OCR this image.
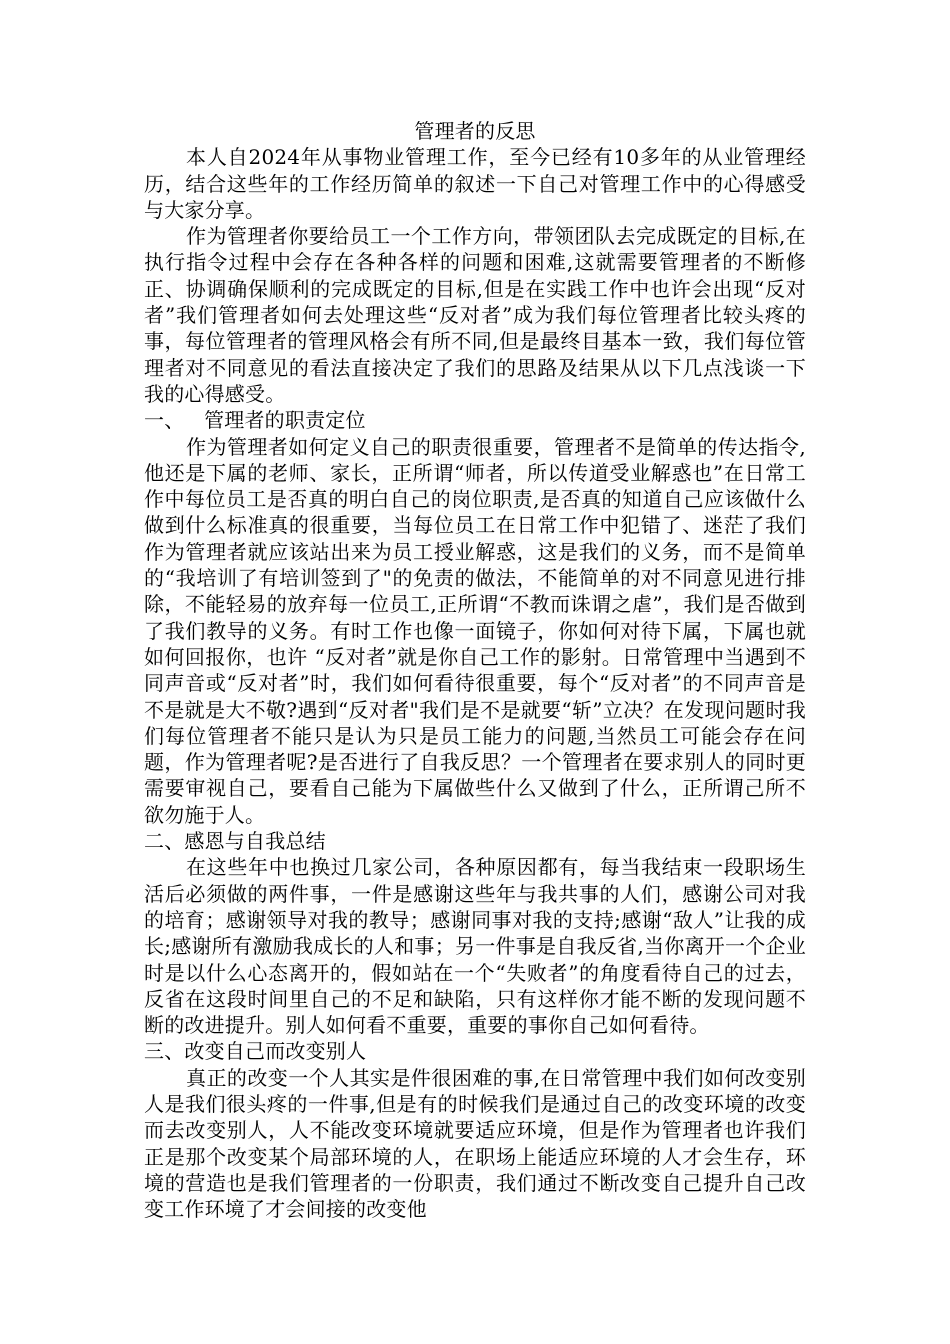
管理者的反思

本人自2024年从事物业管理工作，至今已经有10多年的从业管理经历，结合这些年的工作经历简单的叙述一下自己对管理工作中的心得感受与大家分享。

作为管理者你要给员工一个工作方向，带领团队去完成既定的目标,在执行指令过程中会存在各种各样的问题和困难,这就需要管理者的不断修正、协调确保顺利的完成既定的目标,但是在实践工作中也许会出现“反对者”我们管理者如何去处理这些“反对者”成为我们每位管理者比较头疼的事，每位管理者的管理风格会有所不同,但是最终目基本一致，我们每位管理者对不同意见的看法直接决定了我们的思路及结果从以下几点浅谈一下我的心得感受。

一、   管理者的职责定位

作为管理者如何定义自己的职责很重要，管理者不是简单的传达指令,他还是下属的老师、家长，正所谓“师者，所以传道受业解惑也”在日常工作中每位员工是否真的明白自己的岗位职责,是否真的知道自己应该做什么做到什么标准真的很重要，当每位员工在日常工作中犯错了、迷茫了我们作为管理者就应该站出来为员工授业解惑，这是我们的义务，而不是简单的“我培训了有培训签到了"的免责的做法，不能简单的对不同意见进行排除，不能轻易的放弃每一位员工,正所谓“不教而诛谓之虐”，我们是否做到了我们教导的义务。有时工作也像一面镜子，你如何对待下属，下属也就如何回报你，也许 “反对者”就是你自己工作的影射。日常管理中当遇到不同声音或“反对者”时，我们如何看待很重要，每个“反对者”的不同声音是不是就是大不敬?遇到“反对者"我们是不是就要“斩”立决？在发现问题时我们每位管理者不能只是认为只是员工能力的问题,当然员工可能会存在问题，作为管理者呢?是否进行了自我反思？一个管理者在要求别人的同时更需要审视自己，要看自己能为下属做些什么又做到了什么，正所谓己所不欲勿施于人。

二、感恩与自我总结

在这些年中也换过几家公司，各种原因都有，每当我结束一段职场生活后必须做的两件事，一件是感谢这些年与我共事的人们，感谢公司对我的培育；感谢领导对我的教导；感谢同事对我的支持;感谢“敌人”让我的成长;感谢所有激励我成长的人和事；另一件事是自我反省,当你离开一个企业时是以什么心态离开的，假如站在一个“失败者”的角度看待自己的过去，反省在这段时间里自己的不足和缺陷，只有这样你才能不断的发现问题不断的改进提升。别人如何看不重要，重要的事你自己如何看待。

三、改变自己而改变别人

真正的改变一个人其实是件很困难的事,在日常管理中我们如何改变别人是我们很头疼的一件事,但是有的时候我们是通过自己的改变环境的改变而去改变别人，人不能改变环境就要适应环境，但是作为管理者也许我们正是那个改变某个局部环境的人，在职场上能适应环境的人才会生存，环境的营造也是我们管理者的一份职责，我们通过不断改变自己提升自己改变工作环境了才会间接的改变他
